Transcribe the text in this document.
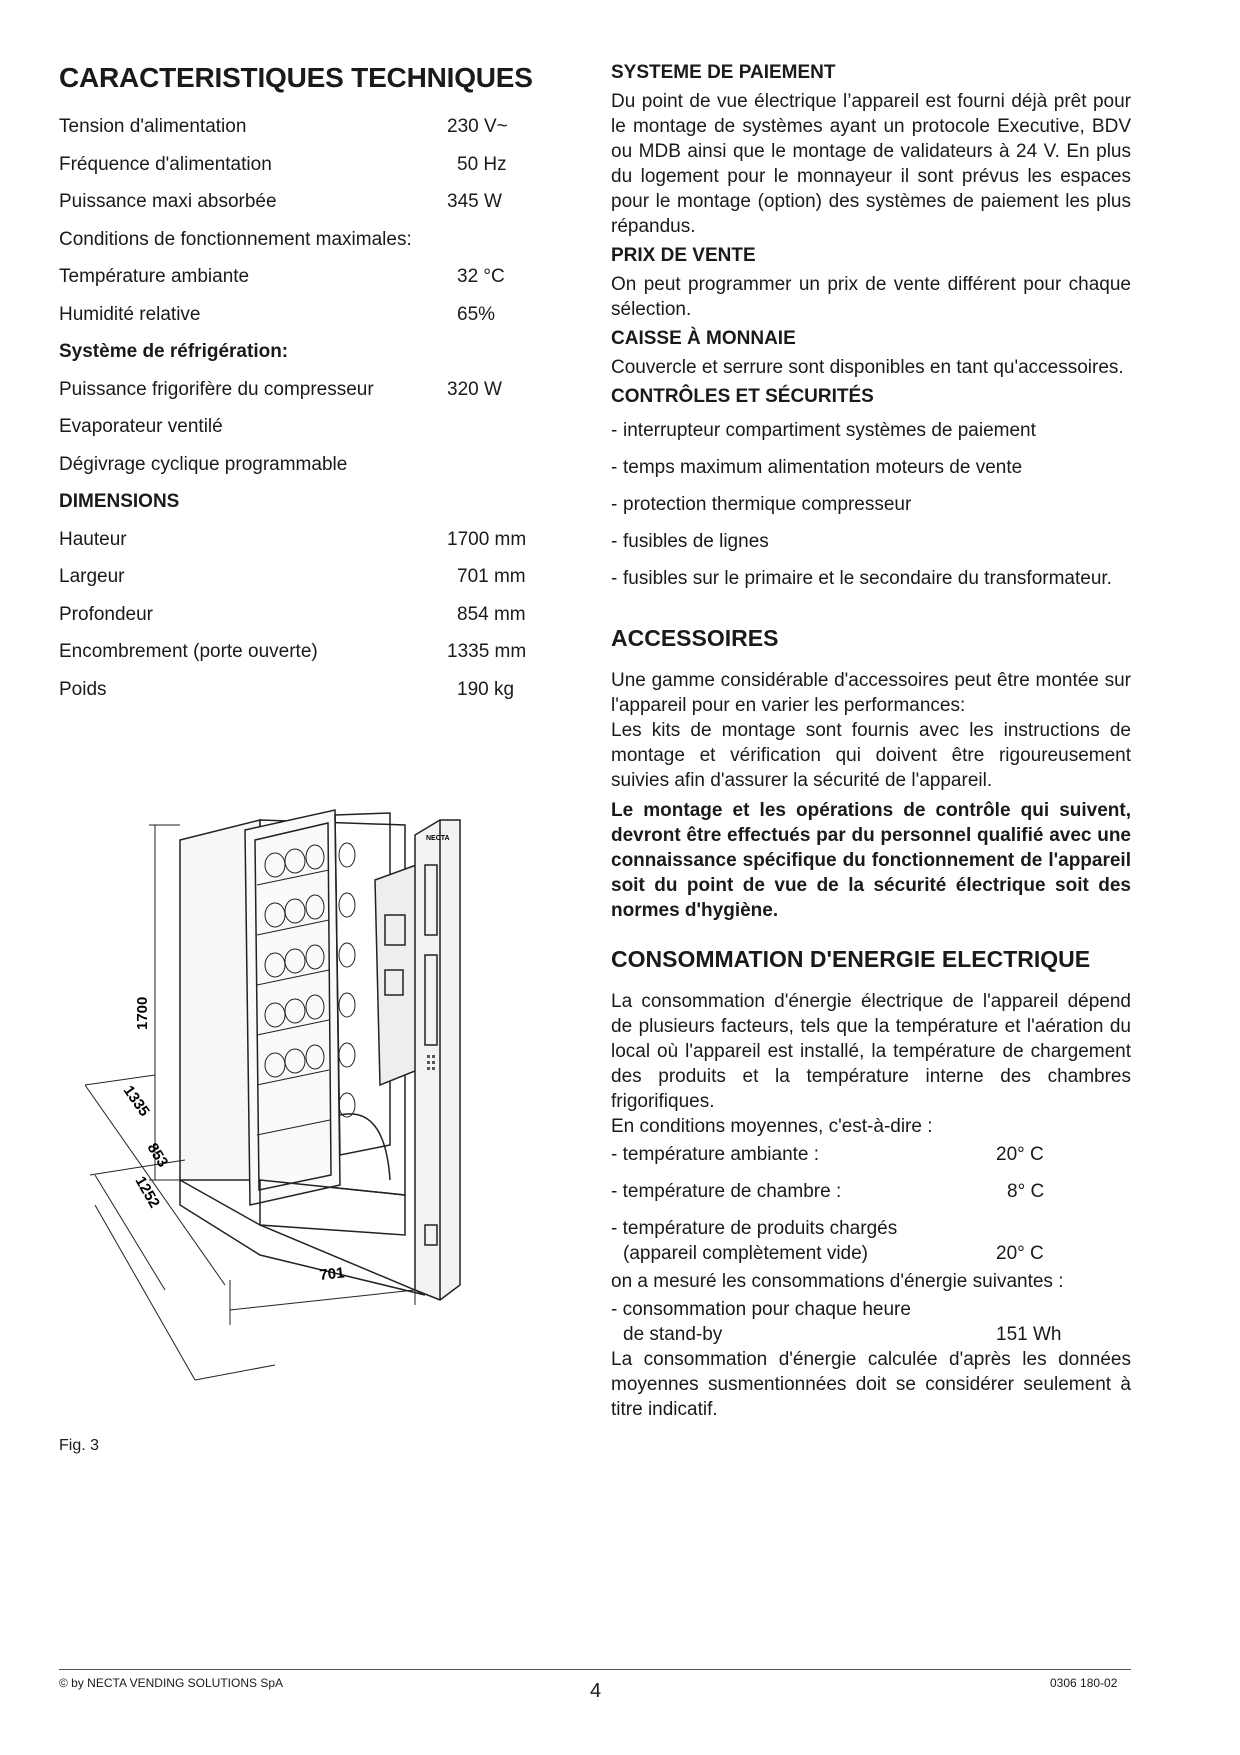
CARACTERISTIQUES TECHNIQUES
Tension d'alimentation	230 V~
Fréquence d'alimentation	50 Hz
Puissance maxi absorbée	345 W
Conditions de fonctionnement maximales:
Température ambiante	32 °C
Humidité relative	65%
Système de réfrigération:
Puissance frigorifère du compresseur	320 W
Evaporateur ventilé
Dégivrage cyclique programmable
DIMENSIONS
Hauteur	1700 mm
Largeur	701 mm
Profondeur	854 mm
Encombrement (porte ouverte)	1335 mm
Poids	190 kg
1700
1335
853
1252
701
NECTA
Fig. 3
SYSTEME DE PAIEMENT

Du point de vue électrique l’appareil est fourni déjà prêt pour le montage de systèmes ayant un protocole Executive, BDV ou MDB ainsi que le montage de validateurs à 24 V. En plus du logement pour le monnayeur il sont prévus les espaces pour le montage (option) des systèmes de paiement les plus répandus.

PRIX DE VENTE

On peut programmer un prix de vente différent pour chaque sélection.

CAISSE À MONNAIE

Couvercle et serrure sont disponibles en tant qu'accessoires.

CONTRÔLES ET SÉCURITÉS
- interrupteur compartiment systèmes de paiement
- temps maximum alimentation moteurs de vente
- protection thermique compresseur
- fusibles de lignes
- fusibles sur le primaire et le secondaire du transformateur.
ACCESSOIRES

Une gamme considérable d'accessoires peut être montée sur l'appareil pour en varier les performances:

Les kits de montage sont fournis avec les instructions de montage et vérification qui doivent être rigoureusement suivies afin d'assurer la sécurité de l'appareil.

Le montage et les opérations de contrôle qui suivent, devront être effectués par du personnel qualifié avec une connaissance spécifique du fonctionnement de l'appareil soit du point de vue de la sécurité électrique soit des normes d'hygiène.

CONSOMMATION D'ENERGIE ELECTRIQUE

La consommation d'énergie électrique de l'appareil dépend de plusieurs facteurs, tels que la température et l'aération du local où l'appareil est installé, la température de chargement des produits et la température interne des chambres frigorifiques.

En conditions moyennes, c'est-à-dire :

- température ambiante :	20° C
- température de chambre :	8° C
- température de produits chargés
(appareil complètement vide)	20° C

on a mesuré les consommations d'énergie suivantes :

- consommation pour chaque heure
de stand-by	151 Wh

La consommation d'énergie calculée d'après les données moyennes susmentionnées doit se considérer seulement à titre indicatif.

© by NECTA VENDING SOLUTIONS SpA	4	0306 180-02
